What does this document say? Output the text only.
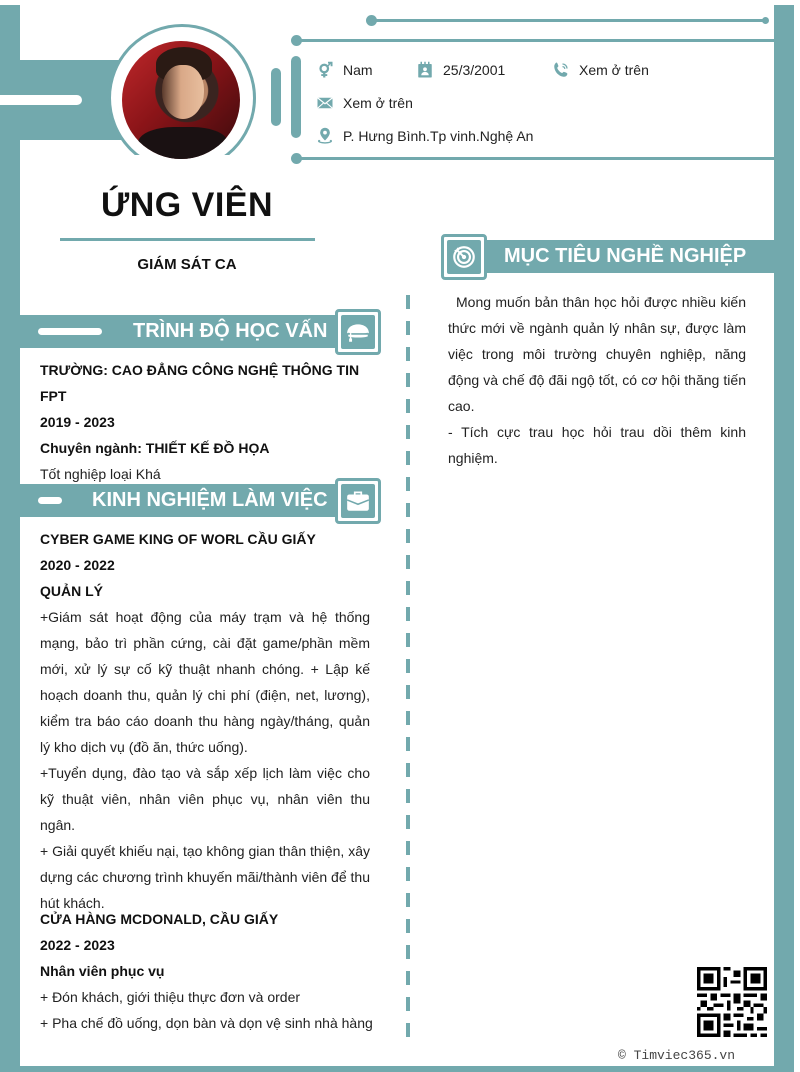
Nam	25/3/2001	Xem ở trên
Xem ở trên
P. Hưng Bình.Tp vinh.Nghệ An
ỨNG VIÊN
GIÁM SÁT CA
TRÌNH ĐỘ HỌC VẤN
TRƯỜNG: CAO ĐẲNG CÔNG NGHỆ THÔNG TIN FPT
2019 - 2023
Chuyên ngành: THIẾT KẾ ĐỒ HỌA
Tốt nghiệp loại Khá
KINH NGHIỆM LÀM VIỆC
CYBER GAME KING OF WORL CẦU GIẤY
2020 - 2022
QUẢN LÝ
+Giám sát hoạt động của máy trạm và hệ thống mạng, bảo trì phần cứng, cài đặt game/phần mềm mới, xử lý sự cố kỹ thuật nhanh chóng. + Lập kế hoạch doanh thu, quản lý chi phí (điện, net, lương), kiểm tra báo cáo doanh thu hàng ngày/tháng, quản lý kho dịch vụ (đồ ăn, thức uống).
+Tuyển dụng, đào tạo và sắp xếp lịch làm việc cho kỹ thuật viên, nhân viên phục vụ, nhân viên thu ngân.
+ Giải quyết khiếu nại, tạo không gian thân thiện, xây dựng các chương trình khuyến mãi/thành viên để thu hút khách.
CỬA HÀNG MCDONALD, CẦU GIẤY
2022 - 2023
Nhân viên phục vụ
+ Đón khách, giới thiệu thực đơn và order
+ Pha chế đồ uống, dọn bàn và dọn vệ sinh nhà hàng
MỤC TIÊU NGHỀ NGHIỆP
Mong muốn bản thân học hỏi được nhiều kiến thức mới về ngành quản lý nhân sự, được làm việc trong môi trường chuyên nghiệp, năng động và chế độ đãi ngộ tốt, có cơ hội thăng tiến cao.
- Tích cực trau học hỏi trau dồi thêm kinh nghiệm.
© Timviec365.vn
